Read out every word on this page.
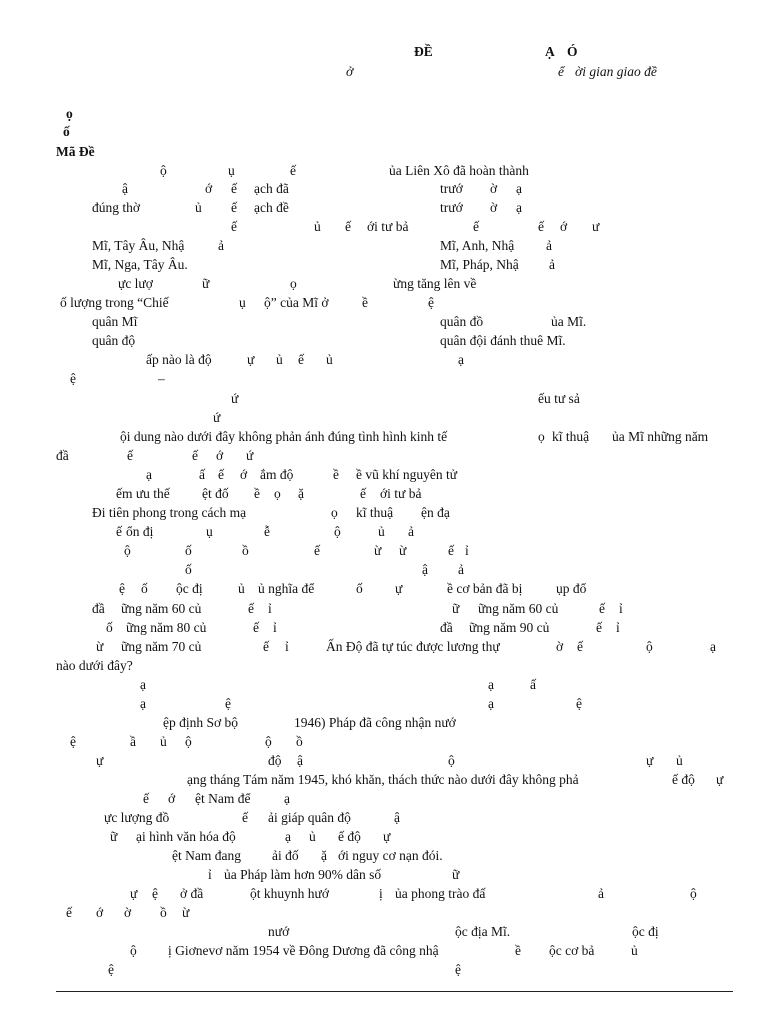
ĐỀ	Ạ Ó
ở	ể ời gian giao đề
ọ
ố
Mã Đề
ộ	ụ	ế	ủa Liên Xô đã hoàn thành
ậ	ớ ế ạch đã	trướ ờ ạ
đúng thờ	ủ ế ạch đề	trướ ờ ạ
ế	ủ ế ới tư bả	ế	ế ớ ư
Mĩ, Tây Âu, Nhậ ả	Mĩ, Anh, Nhậ ả
Mĩ, Nga, Tây Âu.	Mĩ, Pháp, Nhậ ả
ực lượ	ữ	ọ	ừng tăng lên về
ố lượng trong “Chiế	ụ ộ” của Mĩ ở ề	ệ
quân Mĩ	quân đồ	ủa Mĩ.
quân độ	quân đội đánh thuê Mĩ.
ấp nào là độ	ự ủ ế ủ	ạ
ệ	–
ứ	ếu tư sả
ứ
ội dung nào dưới đây không phản ánh đúng tình hình kinh tế	ọ kĩ thuậ ủa Mĩ những năm
đầ	ế	ế ớ ứ
ạ	ấ ế ớ ắm độ	ề ề vũ khí nguyên tử
ếm ưu thế ệt đố ề ọ ặ	ế ới tư bả
Đi tiên phong trong cách mạ	ọ kĩ thuậ ện đạ
ế ổn đị	ụ	ễ	ộ	ủ ả
ộ	ố	ồ	ế	ừ ừ	ế ỉ
ố	ậ ả
ệ ố ộc đị	ủ ủ nghĩa để	ố ự	ề cơ bản đã bị ụp đổ
đầ ững năm 60 củ	ế ỉ	ữ ững năm 60 củ	ế ỉ
ố ững năm 80 củ	ế ỉ	đầ ững năm 90 củ	ế ỉ
ừ ững năm 70 củ	ế ỉ	Ấn Độ đã tự túc được lương thự	ờ ế	ộ	ạ
nào dưới đây?
ạ	ạ	ấ
ạ	ệ	ạ	ệ
ệp định Sơ bộ	1946) Pháp đã công nhận nướ
ệ	ầ ủ ộ	ộ ồ
ự	độ ậ	ộ	ự ủ
ạng tháng Tám năm 1945, khó khăn, thách thức nào dưới đây không phả	ế độ ự
ế ớ ệt Nam để ạ
ực lượng đồ	ế ải giáp quân độ	ậ
ữ ại hình văn hóa độ	ạ ủ ế độ ự
ệt Nam đang ải đố ặ ới nguy cơ nạn đói.
ỉ ủa Pháp làm hơn 90% dân số	ữ
ự ệ ở đầ	ột khuynh hướ	ị ủa phong trào đấ	ả	ộ
ế ớ ờ ồ ừ
nướ	ộc địa Mĩ.	ộc đị
ộ ị Giơnevơ năm 1954 về Đông Dương đã công nhậ	ề ộc cơ bả	ủ
ệ	ệ
